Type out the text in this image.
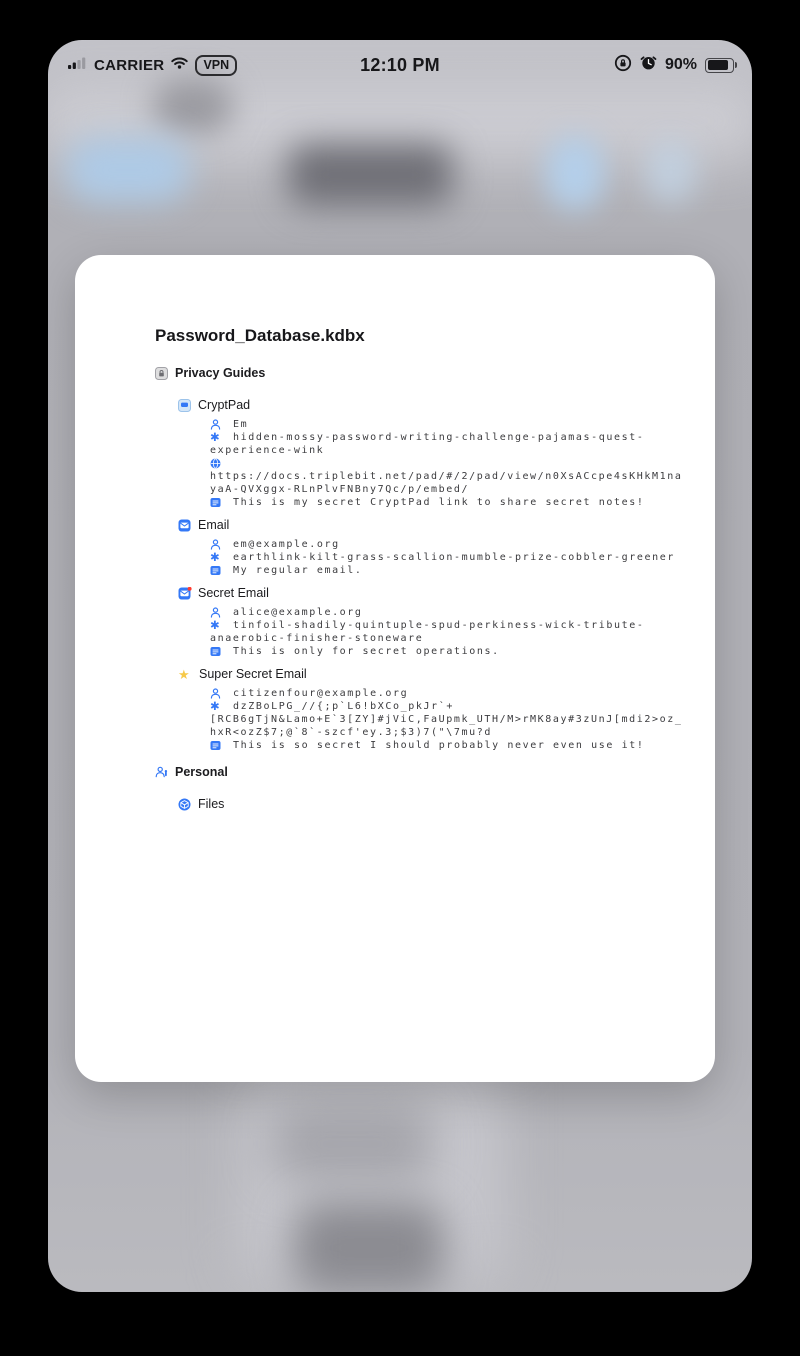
CARRIER	VPN	12:10 PM	90%
Password_Database.kdbx
Privacy Guides
CryptPad
Em
✱ hidden-mossy-password-writing-challenge-pajamas-quest-experience-wink
https://docs.triplebit.net/pad/#/2/pad/view/n0XsACcpe4sKHkM1nayaA-QVXggx-RLnPlvFNBny7Qc/p/embed/
This is my secret CryptPad link to share secret notes!
Email
em@example.org
✱ earthlink-kilt-grass-scallion-mumble-prize-cobbler-greener
My regular email.
Secret Email
alice@example.org
✱ tinfoil-shadily-quintuple-spud-perkiness-wick-tribute-anaerobic-finisher-stoneware
This is only for secret operations.
★ Super Secret Email
citizenfour@example.org
✱ dzZBoLPG_//{;p`L6!bXCo_pkJr`+[RCB6gTjN&Lamo+E`3[ZY]#jViC,FaUpmk_UTH/M>rMK8ay#3zUnJ[mdi2>oz_hxR<ozZ$7;@`8`-szcf'ey.3;$3)7("\7mu?d
This is so secret I should probably never even use it!
Personal
Files
